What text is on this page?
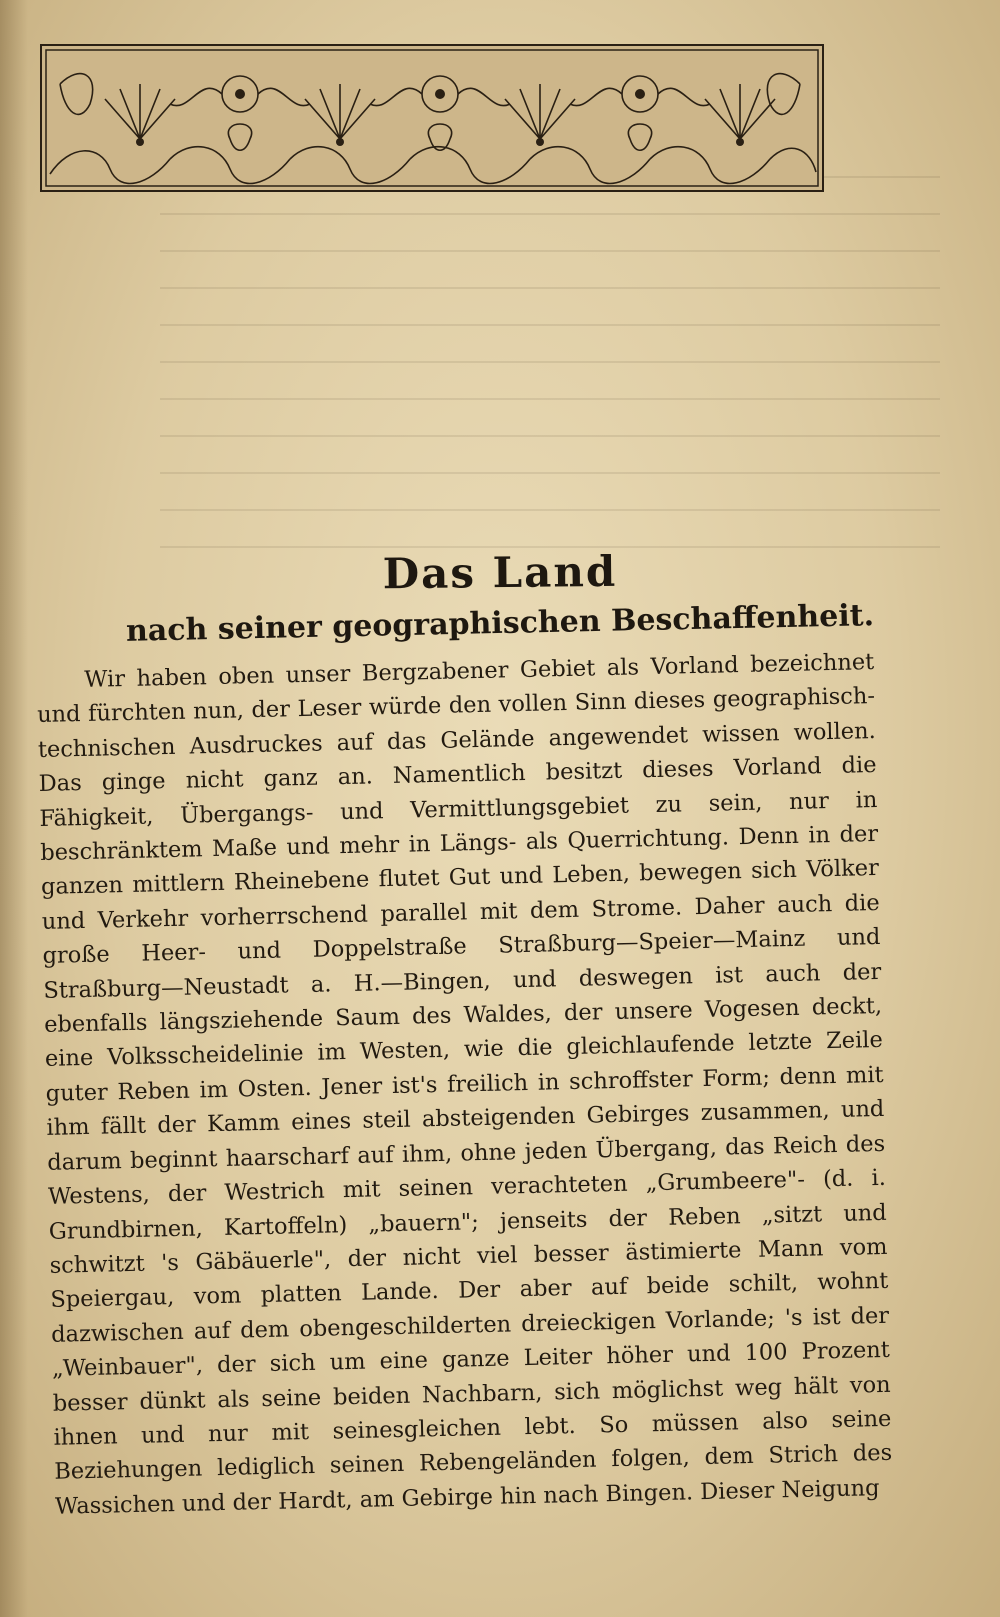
Das Land
nach seiner geographischen Beschaffenheit.

Wir haben oben unser Bergzabener Gebiet als Vorland bezeichnet und fürchten nun, der Leser würde den vollen Sinn dieses geographisch-technischen Ausdruckes auf das Gelände angewendet wissen wollen. Das ginge nicht ganz an. Namentlich besitzt dieses Vorland die Fähigkeit, Übergangs- und Vermittlungsgebiet zu sein, nur in beschränktem Maße und mehr in Längs- als Querrichtung. Denn in der ganzen mittlern Rheinebene flutet Gut und Leben, bewegen sich Völker und Verkehr vorherrschend parallel mit dem Strome. Daher auch die große Heer- und Doppelstraße Straßburg—Speier—Mainz und Straßburg—Neustadt a. H.—Bingen, und deswegen ist auch der ebenfalls längsziehende Saum des Waldes, der unsere Vogesen deckt, eine Volksscheidelinie im Westen, wie die gleichlaufende letzte Zeile guter Reben im Osten. Jener ist's freilich in schroffster Form; denn mit ihm fällt der Kamm eines steil absteigenden Gebirges zusammen, und darum beginnt haarscharf auf ihm, ohne jeden Übergang, das Reich des Westens, der Westrich mit seinen verachteten „Grumbeere"- (d. i. Grundbirnen, Kartoffeln) „bauern"; jenseits der Reben „sitzt und schwitzt 's Gäbäuerle", der nicht viel besser ästimierte Mann vom Speiergau, vom platten Lande. Der aber auf beide schilt, wohnt dazwischen auf dem obengeschilderten dreieckigen Vorlande; 's ist der „Weinbauer", der sich um eine ganze Leiter höher und 100 Prozent besser dünkt als seine beiden Nachbarn, sich möglichst weg hält von ihnen und nur mit seinesgleichen lebt. So müssen also seine Beziehungen lediglich seinen Rebengeländen folgen, dem Strich des Wassichen und der Hardt, am Gebirge hin nach Bingen. Dieser Neigung
